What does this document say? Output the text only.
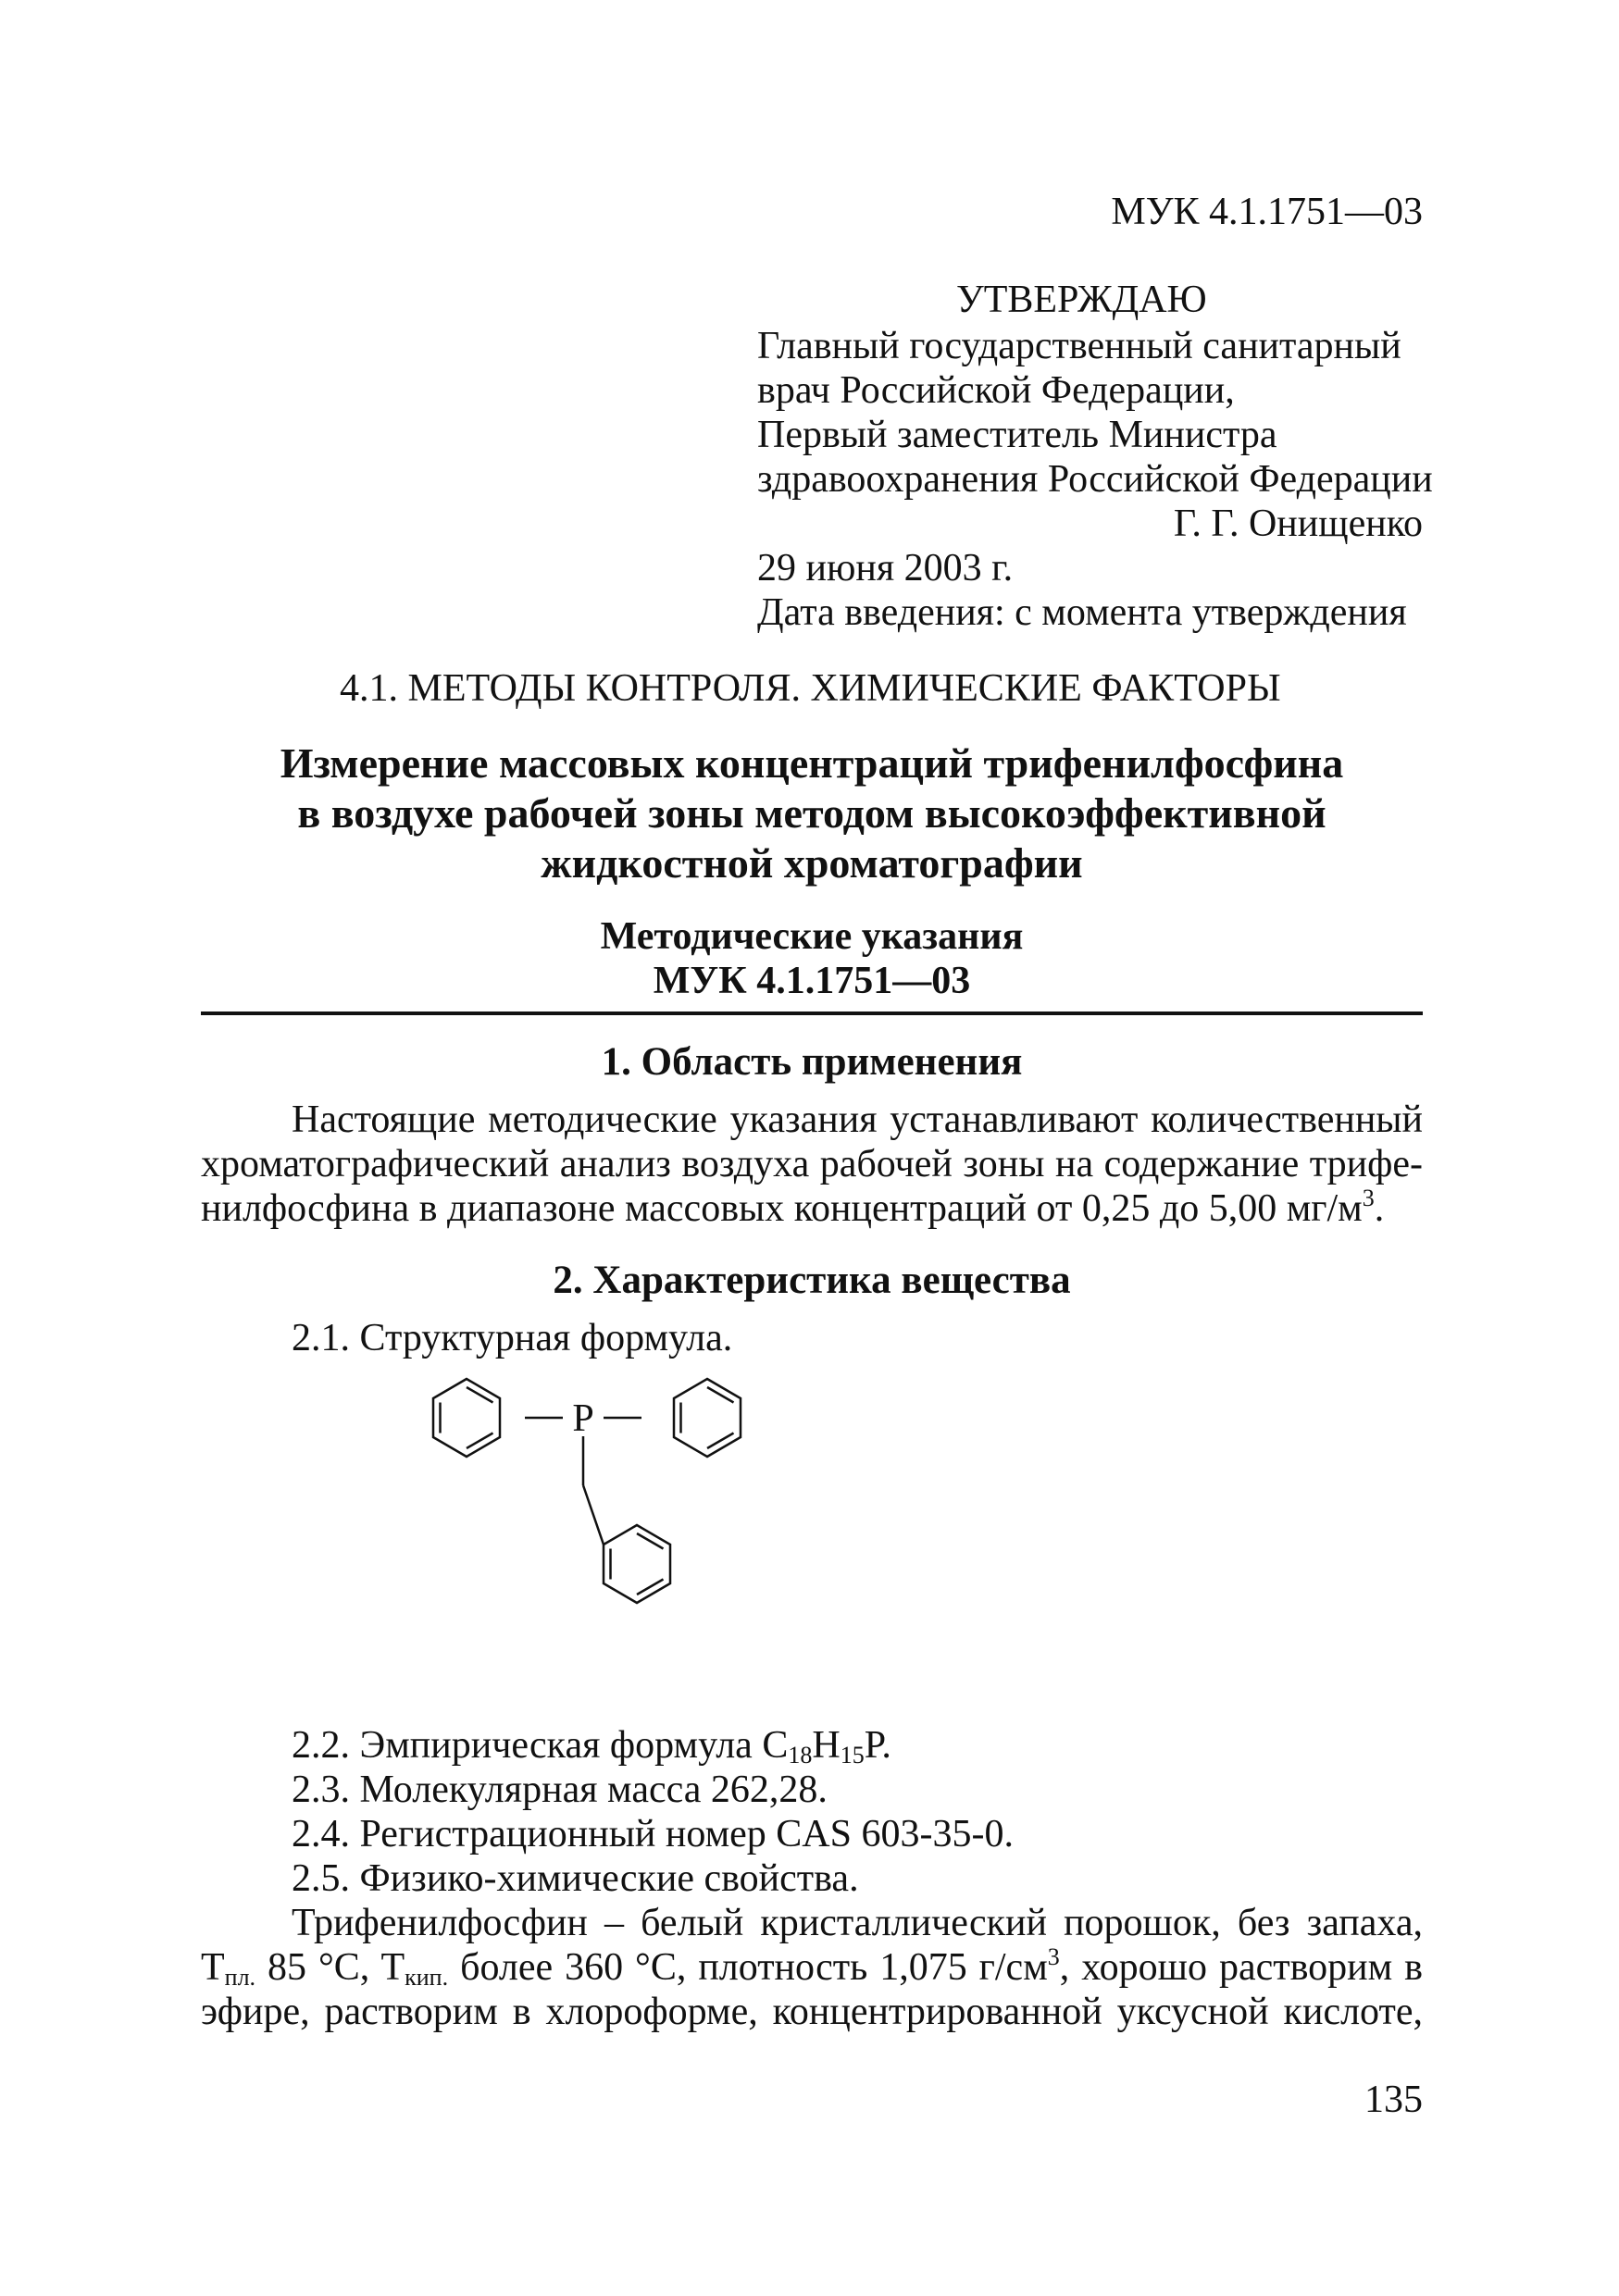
МУК 4.1.1751—03
УТВЕРЖДАЮ
Главный государственный санитарный
врач Российской Федерации,
Первый заместитель Министра
здравоохранения Российской Федерации
Г. Г. Онищенко
29 июня 2003 г.
Дата введения: с момента утверждения
4.1. МЕТОДЫ КОНТРОЛЯ. ХИМИЧЕСКИЕ ФАКТОРЫ
Измерение массовых концентраций трифенилфосфина
в воздухе рабочей зоны методом высокоэффективной
жидкостной хроматографии
Методические указания
МУК 4.1.1751—03
1. Область применения
Настоящие методические указания устанавливают количественный
хроматографический анализ воздуха рабочей зоны на содержание трифе-
нилфосфина в диапазоне массовых концентраций от 0,25 до 5,00 $мг/м^3$.
2. Характеристика вещества
2.1. Структурная формула.
P
2.2. Эмпирическая формула $C_{18}H_{15}P$.
2.3. Молекулярная масса 262,28.
2.4. Регистрационный номер CAS 603-35-0.
2.5. Физико-химические свойства.
Трифенилфосфин – белый кристаллический порошок, без запаха,
$T_{пл.}$ 85 °C, $T_{кип.}$ более 360 °C, плотность 1,075 $г/см^3$, хорошо растворим в
эфире, растворим в хлороформе, концентрированной уксусной кислоте,
135
